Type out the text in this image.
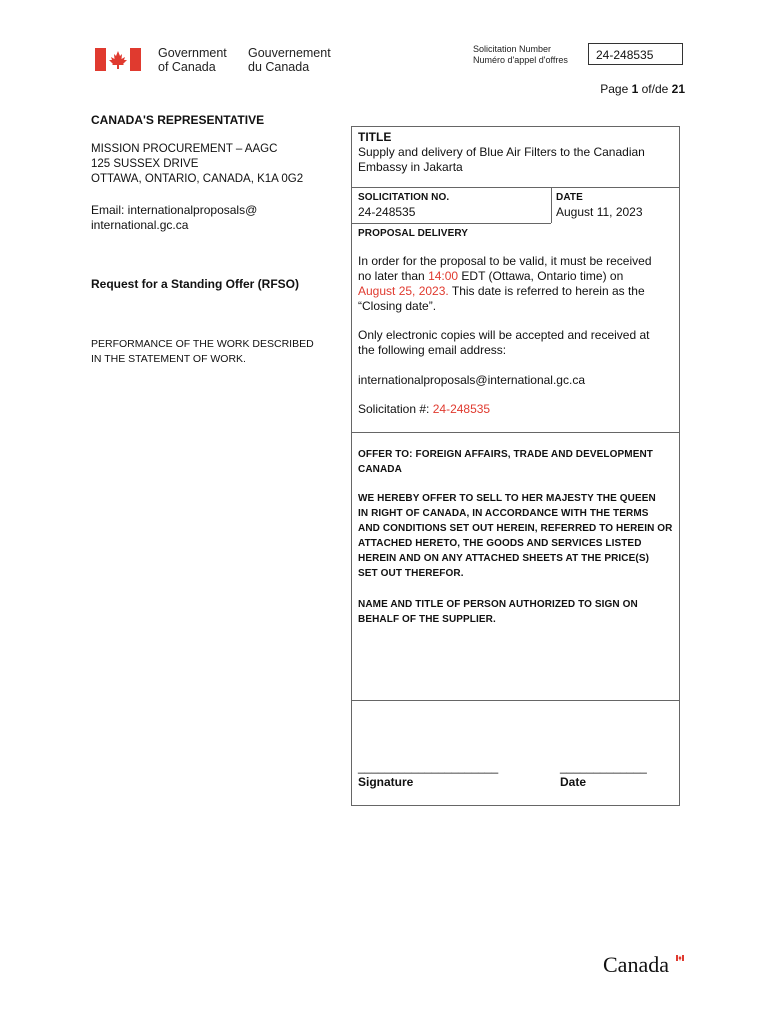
Government
of Canada
Gouvernement
du Canada
Solicitation Number
Numéro d'appel d'offres	24-248535
Page 1 of/de 21
CANADA'S REPRESENTATIVE
MISSION PROCUREMENT – AAGC
125 SUSSEX DRIVE
OTTAWA, ONTARIO, CANADA, K1A 0G2
Email: internationalproposals@
international.gc.ca
Request for a Standing Offer (RFSO)
PERFORMANCE OF THE WORK DESCRIBED
IN THE STATEMENT OF WORK.
TITLE
Supply and delivery of Blue Air Filters to the Canadian
Embassy in Jakarta
SOLICITATION NO.
24-248535
DATE
August 11, 2023
PROPOSAL DELIVERY
In order for the proposal to be valid, it must be received
no later than 14:00 EDT (Ottawa, Ontario time) on
August 25, 2023. This date is referred to herein as the
“Closing date”.
Only electronic copies will be accepted and received at
the following email address:
internationalproposals@international.gc.ca
Solicitation #: 24-248535
OFFER TO: FOREIGN AFFAIRS, TRADE AND DEVELOPMENT
CANADA
WE HEREBY OFFER TO SELL TO HER MAJESTY THE QUEEN
IN RIGHT OF CANADA, IN ACCORDANCE WITH THE TERMS
AND CONDITIONS SET OUT HEREIN, REFERRED TO HEREIN OR
ATTACHED HERETO, THE GOODS AND SERVICES LISTED
HEREIN AND ON ANY ATTACHED SHEETS AT THE PRICE(S)
SET OUT THEREFOR.
NAME AND TITLE OF PERSON AUTHORIZED TO SIGN ON
BEHALF OF THE SUPPLIER.
_____________________	_____________
Signature	Date
Canada
